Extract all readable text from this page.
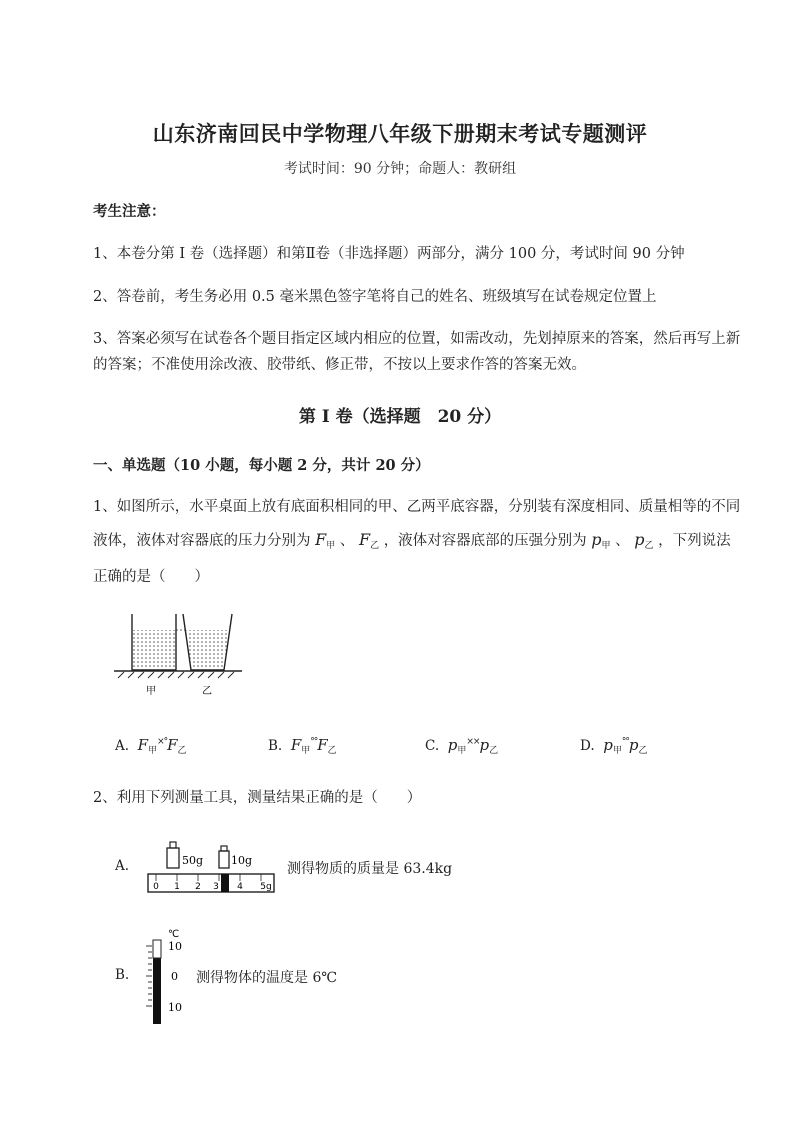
山东济南回民中学物理八年级下册期末考试专题测评
考试时间：90 分钟；命题人：教研组
考生注意：
1、本卷分第 I 卷（选择题）和第Ⅱ卷（非选择题）两部分，满分 100 分，考试时间 90 分钟
2、答卷前，考生务必用 0.5 毫米黑色签字笔将自己的姓名、班级填写在试卷规定位置上
3、答案必须写在试卷各个题目指定区域内相应的位置，如需改动，先划掉原来的答案，然后再写上新
的答案；不准使用涂改液、胶带纸、修正带，不按以上要求作答的答案无效。
第 I 卷（选择题　20 分）
一、单选题（10 小题，每小题 2 分，共计 20 分）
1、如图所示，水平桌面上放有底面积相同的甲、乙两平底容器，分别装有深度相同、质量相等的不同
液体，液体对容器底的压力分别为 $F_甲$ 、 $F_乙$ ，液体对容器底部的压强分别为 $p_甲$ 、 $p_乙$ ，下列说法
正确的是（　　）
甲	乙
A. $F_甲^{\times^\circ}F_乙$	B. $F_甲^{^\circ^\circ}F_乙$	C. $p_甲^{\times\times}p_乙$	D. $p_甲^{^\circ^\circ}p_乙$
2、利用下列测量工具，测量结果正确的是（　　）
A.	50g	10g
0 1 2 3 4 5g
测得物质的质量是 63.4kg
B.
℃
10
0
10
测得物体的温度是 6℃
